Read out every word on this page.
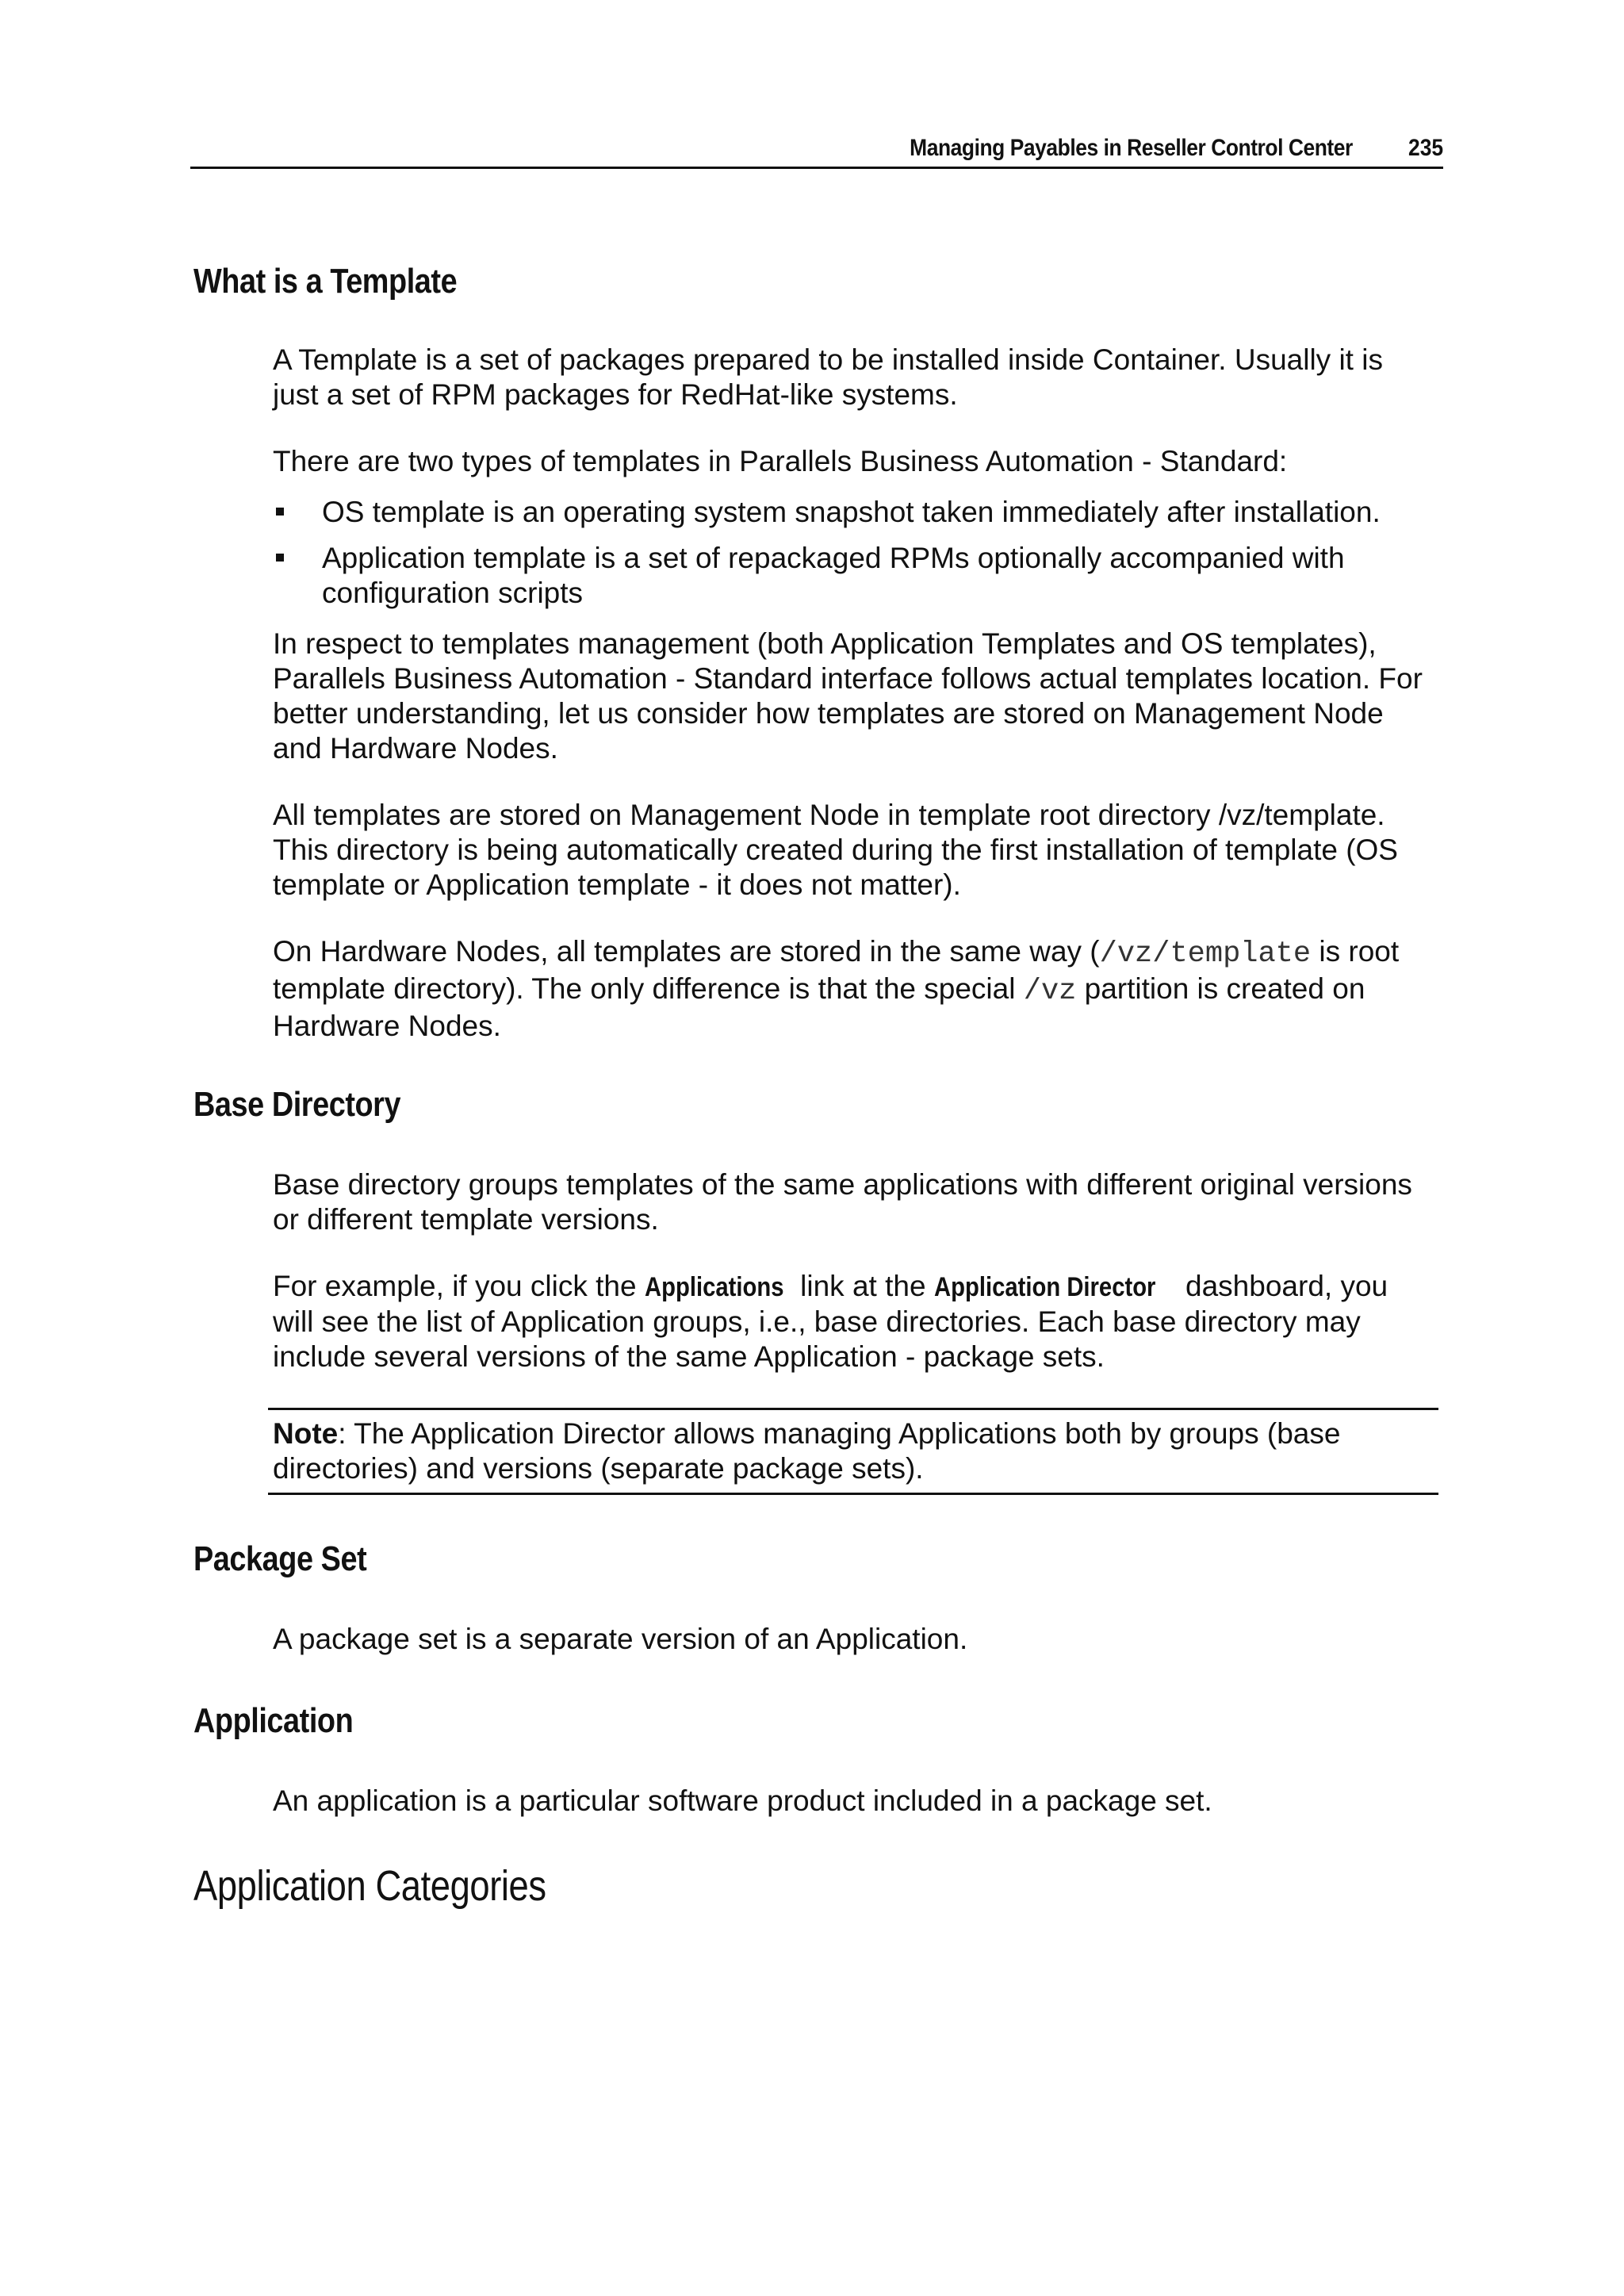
Managing Payables in Reseller Control Center 235
What is a Template

A Template is a set of packages prepared to be installed inside Container. Usually it is just a set of RPM packages for RedHat-like systems.

There are two types of templates in Parallels Business Automation - Standard:

OS template is an operating system snapshot taken immediately after installation.
Application template is a set of repackaged RPMs optionally accompanied with configuration scripts

In respect to templates management (both Application Templates and OS templates), Parallels Business Automation - Standard interface follows actual templates location. For better understanding, let us consider how templates are stored on Management Node and Hardware Nodes.

All templates are stored on Management Node in template root directory /vz/template. This directory is being automatically created during the first installation of template (OS template or Application template - it does not matter).

On Hardware Nodes, all templates are stored in the same way (/vz/template is root template directory). The only difference is that the special /vz partition is created on Hardware Nodes.

Base Directory

Base directory groups templates of the same applications with different original versions or different template versions.

For example, if you click the Applications link at the Application Director dashboard, you will see the list of Application groups, i.e., base directories. Each base directory may include several versions of the same Application - package sets.

Note: The Application Director allows managing Applications both by groups (base directories) and versions (separate package sets).

Package Set

A package set is a separate version of an Application.

Application

An application is a particular software product included in a package set.

Application Categories
